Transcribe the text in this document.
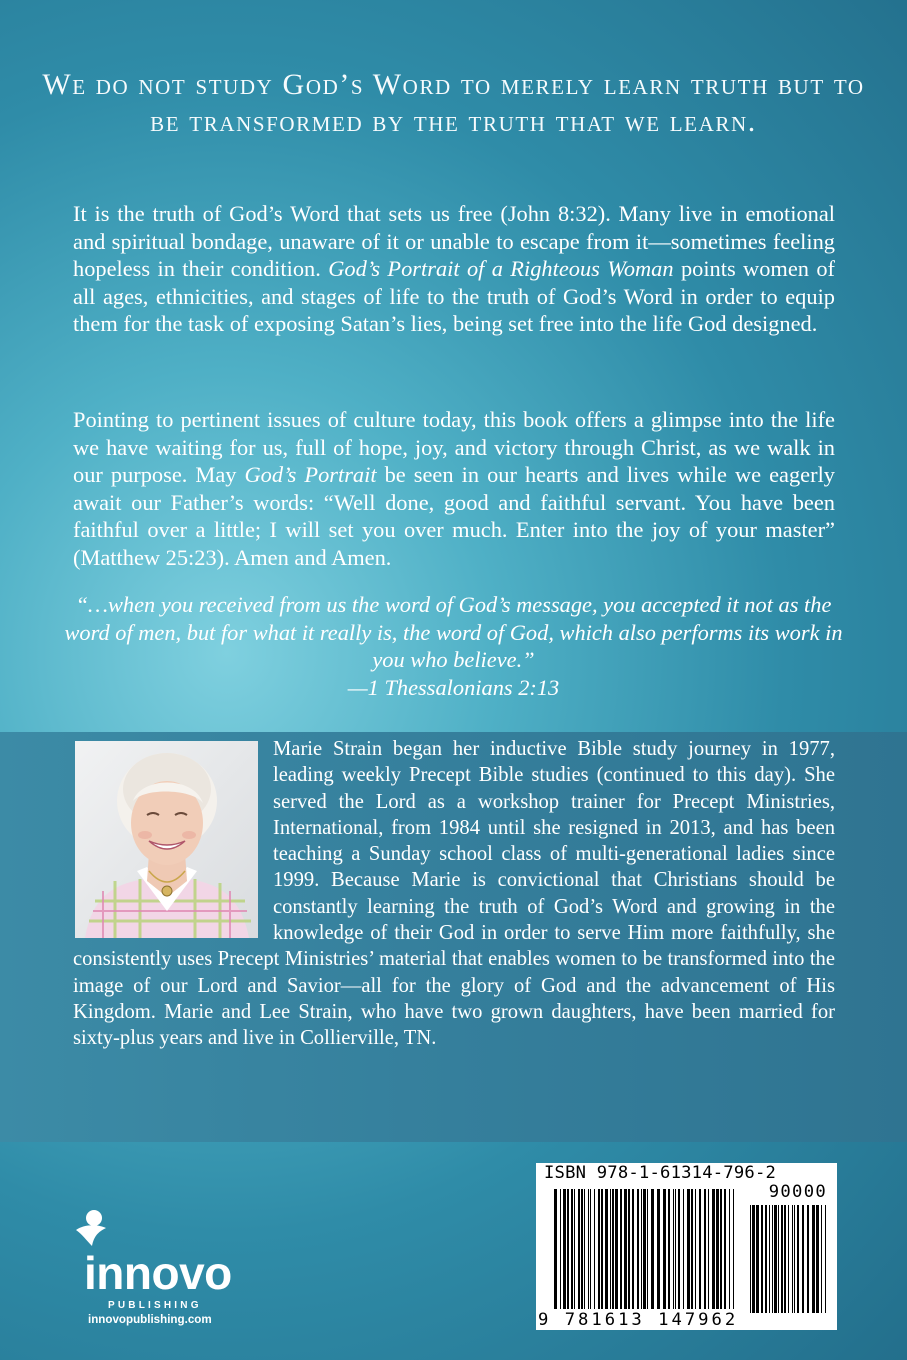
We do not study God’s Word to merely learn truth but to be transformed by the truth that we learn.
It is the truth of God’s Word that sets us free (John 8:32). Many live in emotional and spiritual bondage, unaware of it or unable to escape from it—sometimes feeling hopeless in their condition. God’s Portrait of a Righteous Woman points women of all ages, ethnicities, and stages of life to the truth of God’s Word in order to equip them for the task of exposing Satan’s lies, being set free into the life God designed.
Pointing to pertinent issues of culture today, this book offers a glimpse into the life we have waiting for us, full of hope, joy, and victory through Christ, as we walk in our purpose. May God’s Portrait be seen in our hearts and lives while we eagerly await our Father’s words: “Well done, good and faithful servant. You have been faithful over a little; I will set you over much. Enter into the joy of your master” (Matthew 25:23). Amen and Amen.
“…when you received from us the word of God’s message, you accepted it not as the word of men, but for what it really is, the word of God, which also performs its work in you who believe.”
—1 Thessalonians 2:13
Marie Strain began her inductive Bible study journey in 1977, leading weekly Precept Bible studies (continued to this day). She served the Lord as a workshop trainer for Precept Ministries, International, from 1984 until she resigned in 2013, and has been teaching a Sunday school class of multi-generational ladies since 1999. Because Marie is convictional that Christians should be constantly learning the truth of God’s Word and growing in the knowledge of their God in order to serve Him more faithfully, she consistently uses Precept Ministries’ material that enables women to be transformed into the image of our Lord and Savior—all for the glory of God and the advancement of His Kingdom. Marie and Lee Strain, who have two grown daughters, have been married for sixty-plus years and live in Collierville, TN.
innovo
PUBLISHING
innovopublishing.com
ISBN 978-1-61314-796-2
90000
9 781613 147962
